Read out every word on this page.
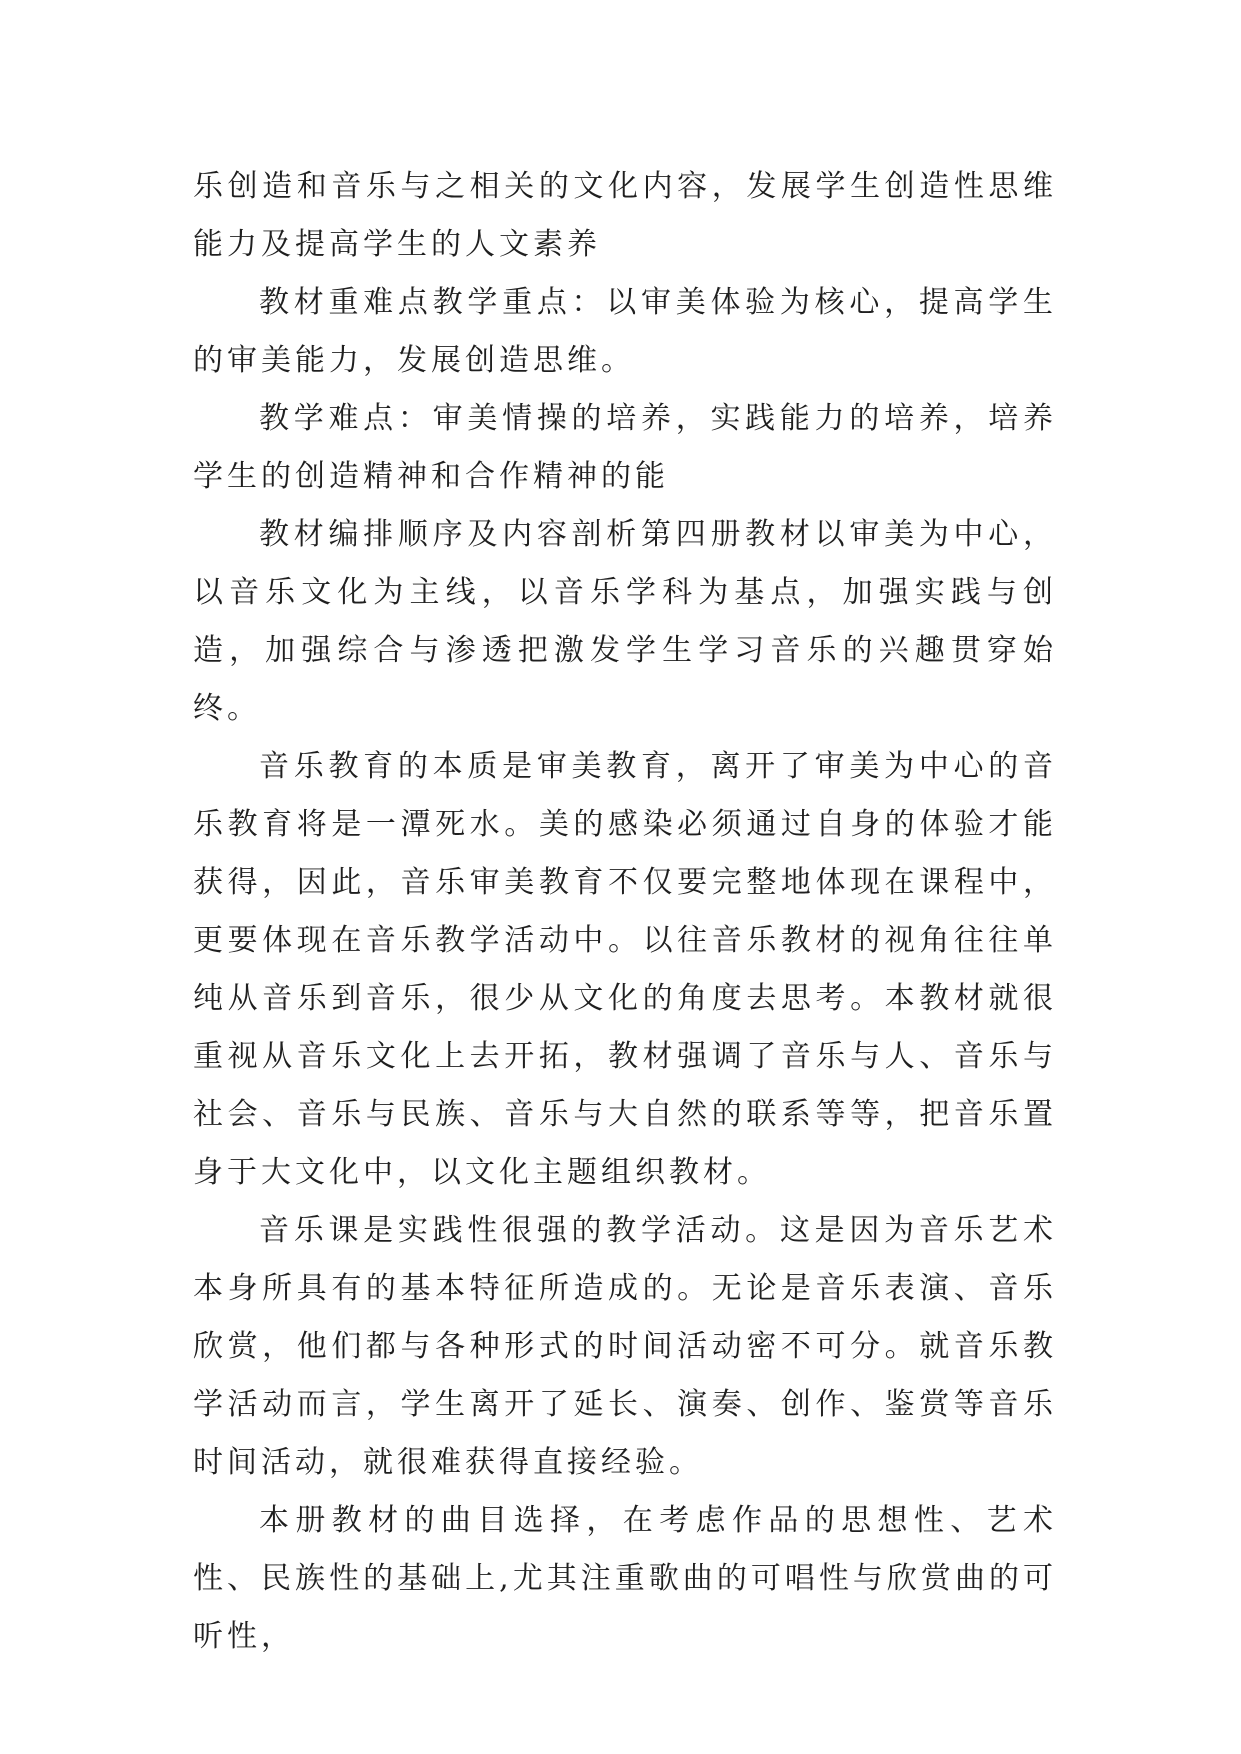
乐创造和音乐与之相关的文化内容，发展学生创造性思维能力及提高学生的人文素养

教材重难点教学重点：以审美体验为核心，提高学生的审美能力，发展创造思维。

教学难点：审美情操的培养，实践能力的培养，培养学生的创造精神和合作精神的能

教材编排顺序及内容剖析第四册教材以审美为中心，以音乐文化为主线，以音乐学科为基点，加强实践与创造，加强综合与渗透把激发学生学习音乐的兴趣贯穿始终。

音乐教育的本质是审美教育，离开了审美为中心的音乐教育将是一潭死水。美的感染必须通过自身的体验才能获得，因此，音乐审美教育不仅要完整地体现在课程中，更要体现在音乐教学活动中。以往音乐教材的视角往往单纯从音乐到音乐，很少从文化的角度去思考。本教材就很重视从音乐文化上去开拓，教材强调了音乐与人、音乐与社会、音乐与民族、音乐与大自然的联系等等，把音乐置身于大文化中，以文化主题组织教材。

音乐课是实践性很强的教学活动。这是因为音乐艺术本身所具有的基本特征所造成的。无论是音乐表演、音乐欣赏，他们都与各种形式的时间活动密不可分。就音乐教学活动而言，学生离开了延长、演奏、创作、鉴赏等音乐时间活动，就很难获得直接经验。

本册教材的曲目选择，在考虑作品的思想性、艺术性、民族性的基础上,尤其注重歌曲的可唱性与欣赏曲的可听性，
